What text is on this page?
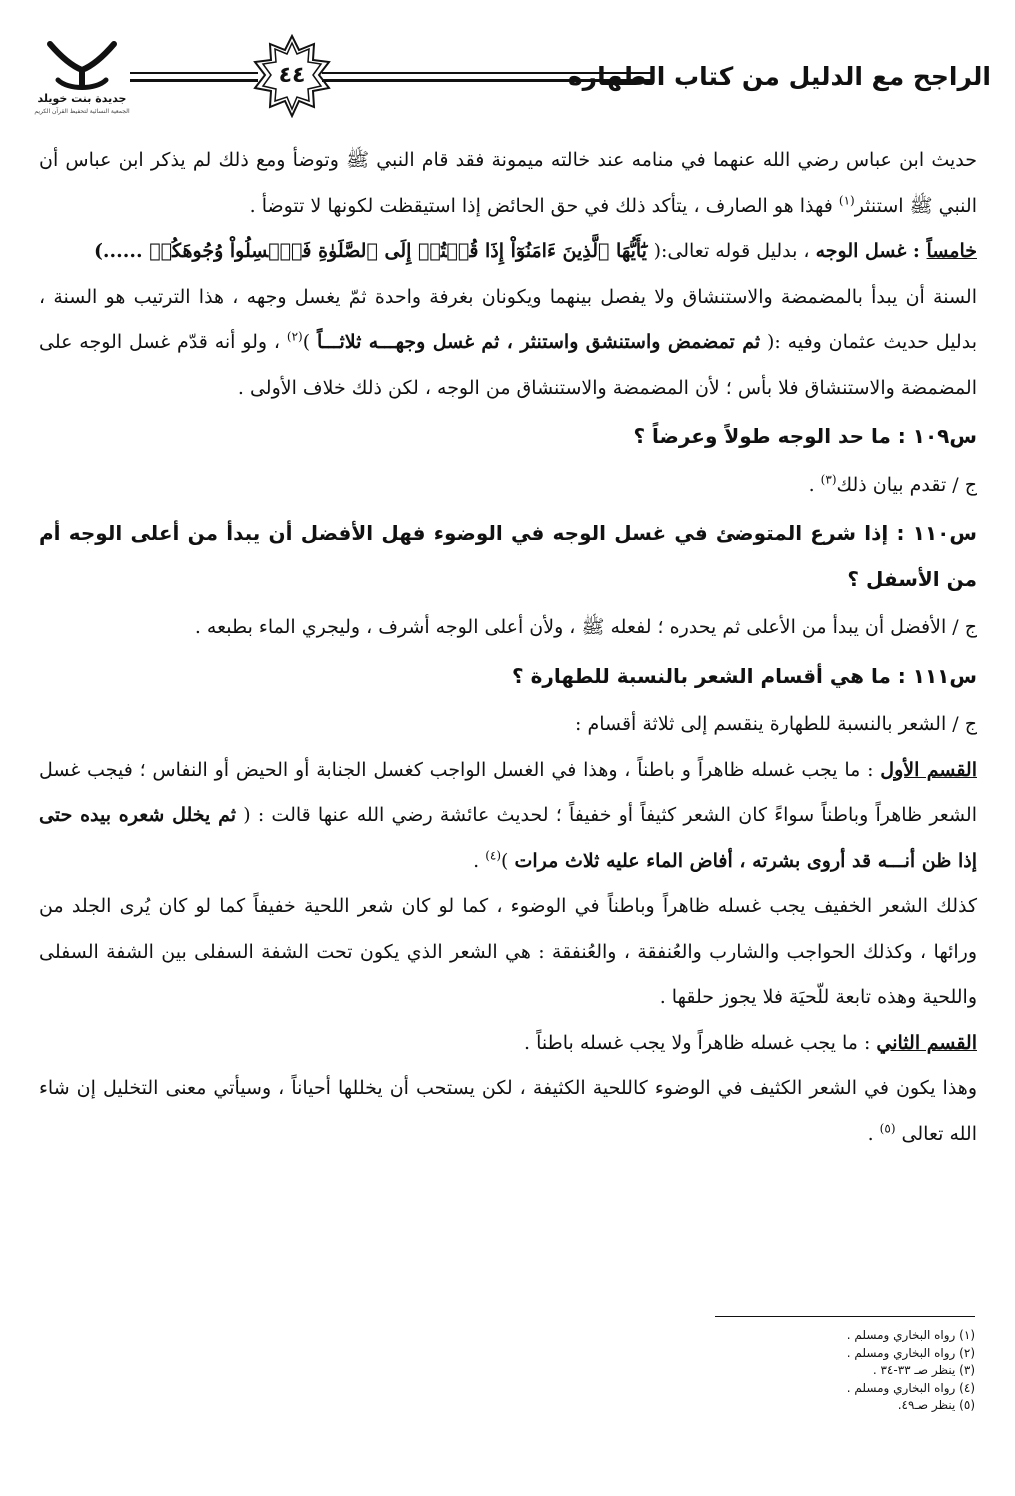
الراجح مع الدليل من كتاب الطهارة
٤٤
جديدة بنت خويلد
الجمعية النسائية لتحفيظ القرآن الكريم

حديث ابن عباس رضي الله عنهما في منامه عند خالته ميمونة فقد قام النبي ﷺ وتوضأ ومع ذلك لم يذكر ابن عباس أن النبي ﷺ استنثر$^{(١)}$ فهذا هو الصارف ، يتأكد ذلك في حق الحائض إذا استيقظت لكونها لا تتوضأ .

خامساً : غسل الوجه ، بدليل قوله تعالى:( يَٰٓأَيُّهَا ٱلَّذِينَ ءَامَنُوٓاْ إِذَا قُمۡتُمۡ إِلَى ٱلصَّلَوٰةِ فَٱغۡسِلُواْ وُجُوهَكُمۡ ......)

السنة أن يبدأ بالمضمضة والاستنشاق ولا يفصل بينهما ويكونان بغرفة واحدة ثمّ يغسل وجهه ، هذا الترتيب هو السنة ، بدليل حديث عثمان وفيه :( ثم تمضمض واستنشق واستنثر ، ثم غسل وجهـــه ثلاثـــاً )$^{(٢)}$ ، ولو أنه قدّم غسل الوجه على المضمضة والاستنشاق فلا بأس ؛ لأن المضمضة والاستنشاق من الوجه ، لكن ذلك خلاف الأولى .

س١٠٩ : ما حد الوجه طولاً وعرضاً ؟

ج / تقدم بيان ذلك$^{(٣)}$ .

س١١٠ : إذا شرع المتوضئ في غسل الوجه في الوضوء فهل الأفضل أن يبدأ من أعلى الوجه أم من الأسفل ؟

ج / الأفضل أن يبدأ من الأعلى ثم يحدره ؛ لفعله ﷺ ، ولأن أعلى الوجه أشرف ، وليجري الماء بطبعه .

س١١١ : ما هي أقسام الشعر بالنسبة للطهارة ؟

ج / الشعر بالنسبة للطهارة ينقسم إلى ثلاثة أقسام :

القسم الأول : ما يجب غسله ظاهراً و باطناً ، وهذا في الغسل الواجب كغسل الجنابة أو الحيض أو النفاس ؛ فيجب غسل الشعر ظاهراً وباطناً سواءً كان الشعر كثيفاً أو خفيفاً ؛ لحديث عائشة رضي الله عنها قالت : ( ثم يخلل شعره بيده حتى إذا ظن أنـــه قد أروى بشرته ، أفاض الماء عليه ثلاث مرات )$^{(٤)}$ .

كذلك الشعر الخفيف يجب غسله ظاهراً وباطناً في الوضوء ، كما لو كان شعر اللحية خفيفاً كما لو كان يُرى الجلد من ورائها ، وكذلك الحواجب والشارب والعُنفقة ، والعُنفقة : هي الشعر الذي يكون تحت الشفة السفلى بين الشفة السفلى واللحية وهذه تابعة للّحيَة فلا يجوز حلقها .

القسم الثاني : ما يجب غسله ظاهراً ولا يجب غسله باطناً .

وهذا يكون في الشعر الكثيف في الوضوء كاللحية الكثيفة ، لكن يستحب أن يخللها أحياناً ، وسيأتي معنى التخليل إن شاء الله تعالى $^{(٥)}$ .

(١) رواه البخاري ومسلم .
(٢) رواه البخاري ومسلم .
(٣) ينظر صـ ٣٣-٣٤ .
(٤) رواه البخاري ومسلم .
(٥) ينظر صـ٤٩.
